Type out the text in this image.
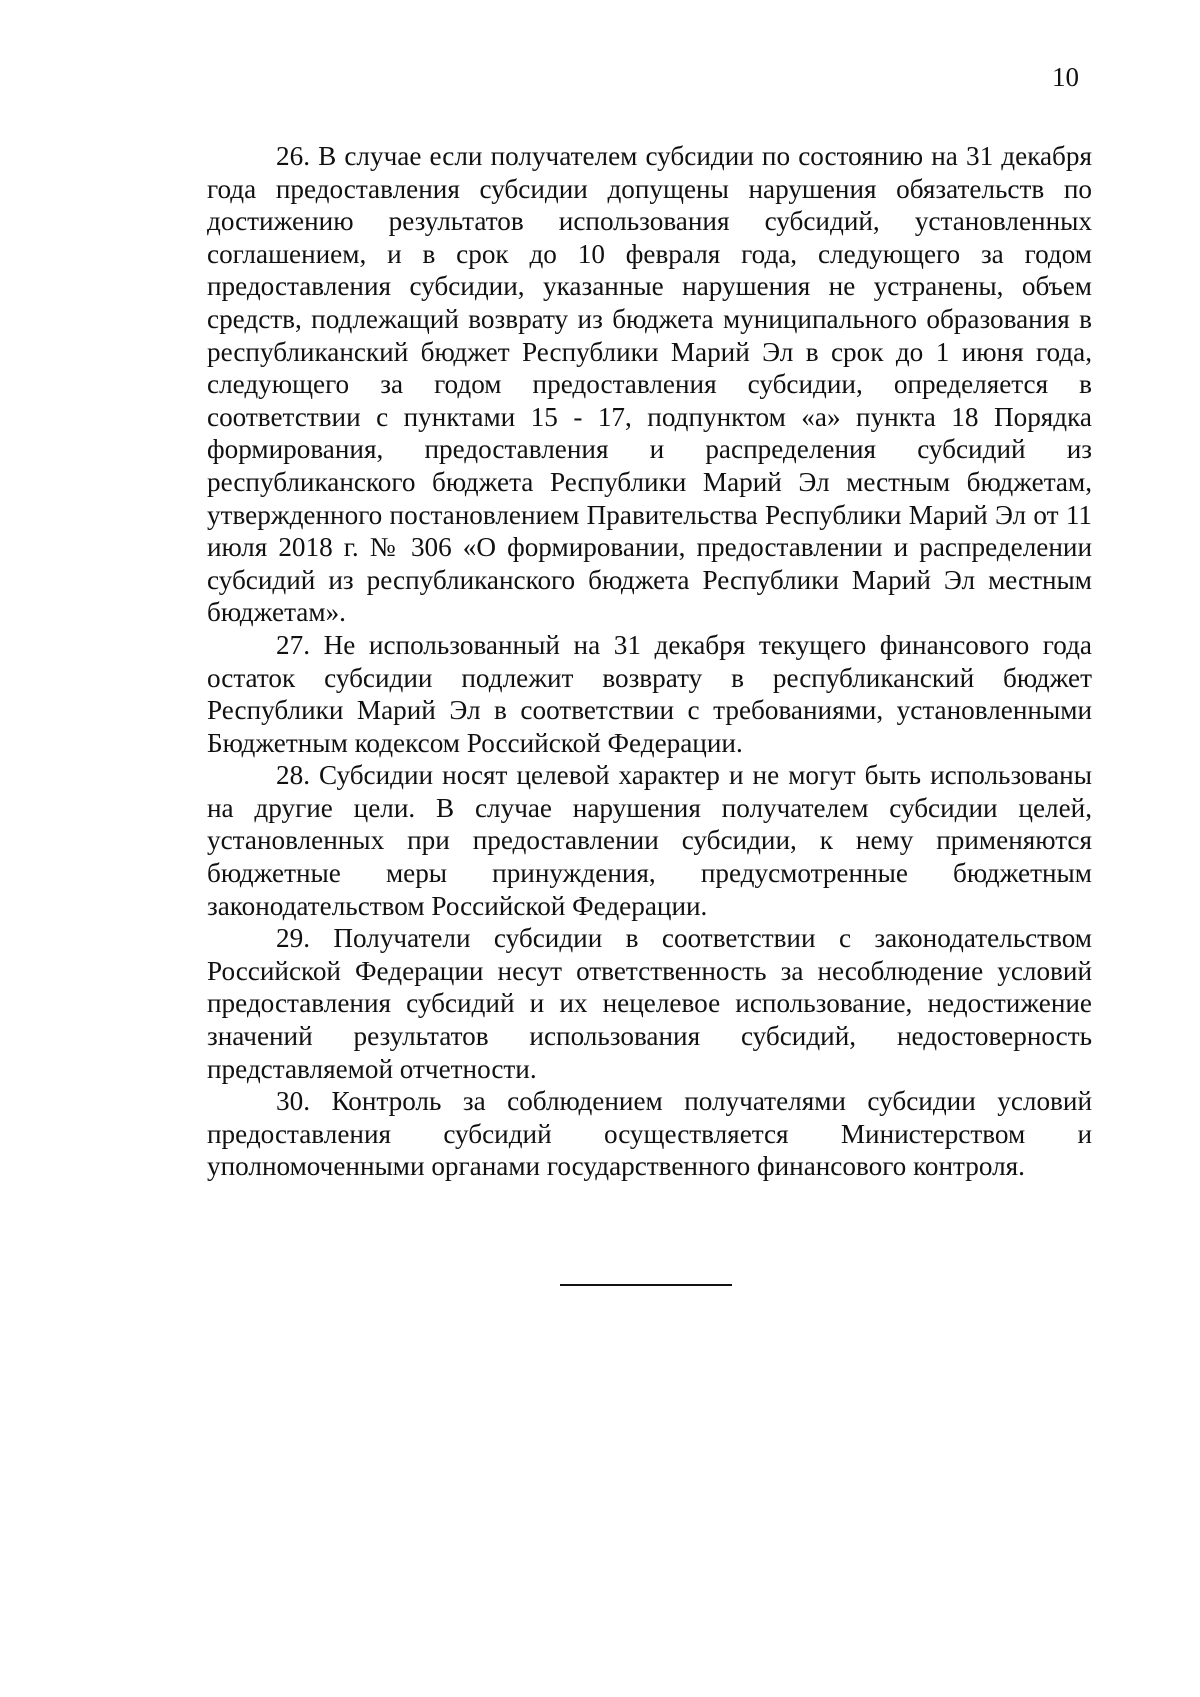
10

26. В случае если получателем субсидии по состоянию на 31 декабря года предоставления субсидии допущены нарушения обязательств по достижению результатов использования субсидий, установленных соглашением, и в срок до 10 февраля года, следующего за годом предоставления субсидии, указанные нарушения не устранены, объем средств, подлежащий возврату из бюджета муниципального образования в республиканский бюджет Республики Марий Эл в срок до 1 июня года, следующего за годом предоставления субсидии, определяется в соответствии с пунктами 15 - 17, подпунктом «а» пункта 18 Порядка формирования, предоставления и распределения субсидий из республиканского бюджета Республики Марий Эл местным бюджетам, утвержденного постановлением Правительства Республики Марий Эл от 11 июля 2018 г. № 306 «О формировании, предоставлении и распределении субсидий из республиканского бюджета Республики Марий Эл местным бюджетам».

27. Не использованный на 31 декабря текущего финансового года остаток субсидии подлежит возврату в республиканский бюджет Республики Марий Эл в соответствии с требованиями, установленными Бюджетным кодексом Российской Федерации.

28. Субсидии носят целевой характер и не могут быть использованы на другие цели. В случае нарушения получателем субсидии целей, установленных при предоставлении субсидии, к нему применяются бюджетные меры принуждения, предусмотренные бюджетным законодательством Российской Федерации.

29. Получатели субсидии в соответствии с законодательством Российской Федерации несут ответственность за несоблюдение условий предоставления субсидий и их нецелевое использование, недостижение значений результатов использования субсидий, недостоверность представляемой отчетности.

30. Контроль за соблюдением получателями субсидии условий предоставления субсидий осуществляется Министерством и уполномоченными органами государственного финансового контроля.
